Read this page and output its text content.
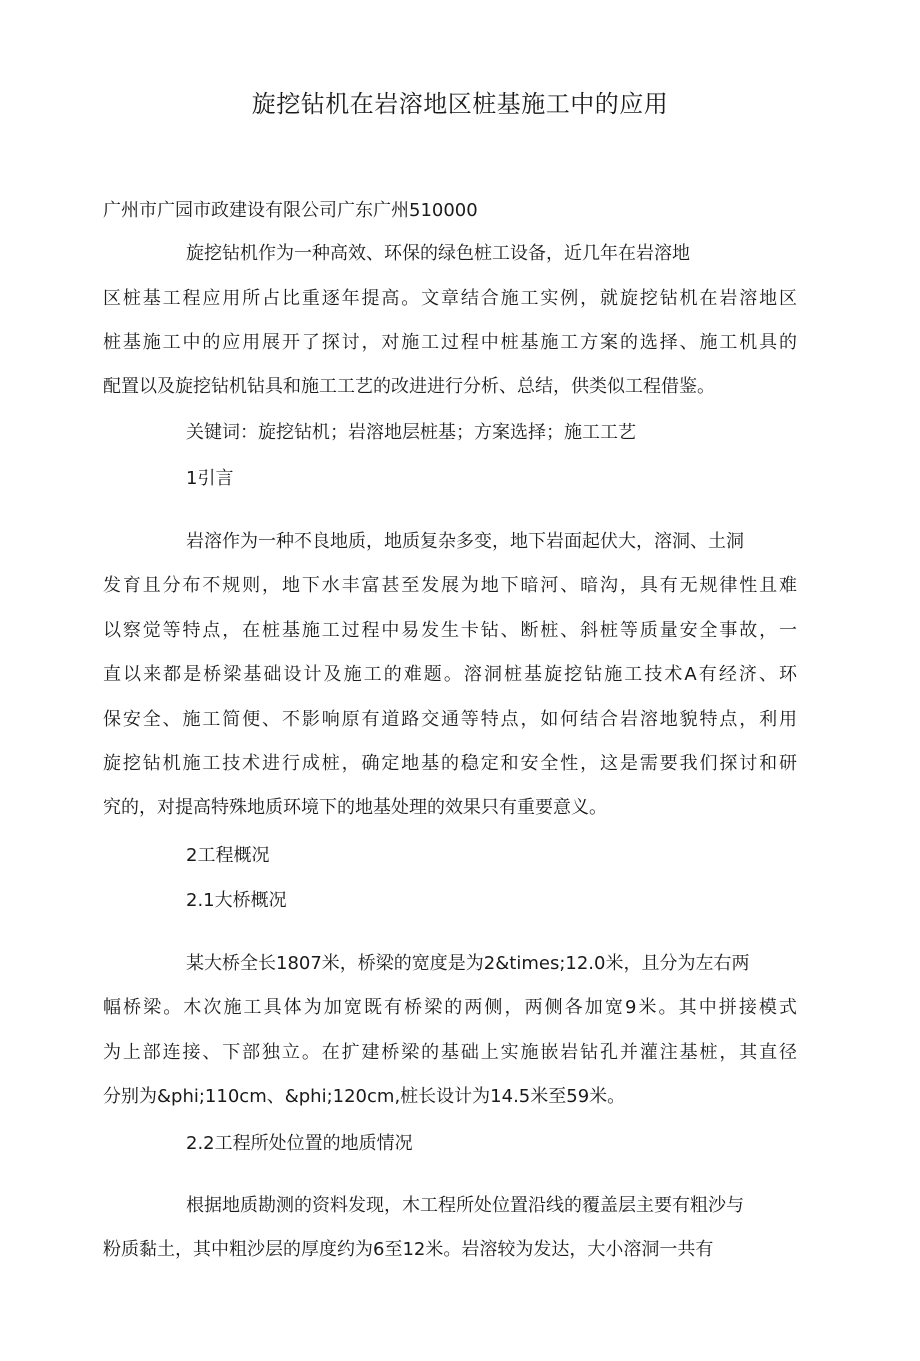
旋挖钻机在岩溶地区桩基施工中的应用
广州市广园市政建设有限公司广东广州510000
旋挖钻机作为一种高效、环保的绿色桩工设备，近几年在岩溶地
区桩基工程应用所占比重逐年提高。文章结合施工实例，就旋挖钻机在岩溶地区
桩基施工中的应用展开了探讨，对施工过程中桩基施工方案的选择、施工机具的
配置以及旋挖钻机钻具和施工工艺的改进进行分析、总结，供类似工程借鉴。
关键词：旋挖钻机；岩溶地层桩基；方案选择；施工工艺
1引言
岩溶作为一种不良地质，地质复杂多变，地下岩面起伏大，溶洞、土洞
发育且分布不规则，地下水丰富甚至发展为地下暗河、暗沟，具有无规律性且难
以察觉等特点，在桩基施工过程中易发生卡钻、断桩、斜桩等质量安全事故，一
直以来都是桥梁基础设计及施工的难题。溶洞桩基旋挖钻施工技术A有经济、环
保安全、施工简便、不影响原有道路交通等特点，如何结合岩溶地貌特点，利用
旋挖钻机施工技术进行成桩，确定地基的稳定和安全性，这是需要我们探讨和研
究的，对提高特殊地质环境下的地基处理的效果只有重要意义。
2工程概况
2.1大桥概况
某大桥全长1807米，桥梁的宽度是为2&times;12.0米，且分为左右两
幅桥梁。木次施工具体为加宽既有桥梁的两侧，两侧各加宽9米。其中拼接模式
为上部连接、下部独立。在扩建桥梁的基础上实施嵌岩钻孔并灌注基桩，其直径
分别为&phi;110cm、&phi;120cm,桩长设计为14.5米至59米。
2.2工程所处位置的地质情况
根据地质勘测的资料发现，木工程所处位置沿线的覆盖层主要有粗沙与
粉质黏土，其中粗沙层的厚度约为6至12米。岩溶较为发达，大小溶洞一共有
